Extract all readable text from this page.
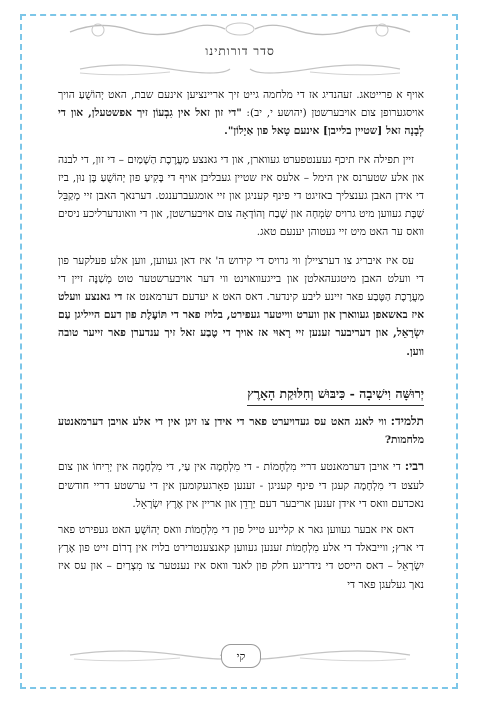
סדר דורותינו

אויף א פרייטאג. זעהנדיג אז די מלחמה גייט זיך אריינציען אינעם שבת, האט יְהוֹשֻׁעַ הויך אויסגערופן צום אויבערשטן (יהושע י, יב): "די זון זאל אין גִבְעוֹן זיך אפשטעלן, און די לְבָנָה זאל [שטיין בלייבן] אינעם טָאל פון אַיָלוֹן".

זיין תפילה איז תיכף געענטפערט געווארן, און די גאנצע מַעֲרֶכֶת הַשָׁמַיִם – די זון, די לבנה און אלע שטערנס אין הימל – אלעס איז שטיין געבליבן אויף די בֶּקִיעַ פון יְהוֹשֻׁעַ בֶּן נוּן, ביז די אידן האבן גענצליך באזיגט די פינף קעניגן און זיי אומגעברענגט. דערנאך האבן זיי מְקַבֵּל שַׁבָּת געווען מיט גרויס שִׂמְחָה און שֶׁבַח וְהוֹדָאָה צום אויבערשטן, און די וואונדערליכע ניסים וואס ער האט מיט זיי געטוהן יענעם טאג.

עס איז איבריג צו דערציילן ווי גרויס די קידוש ה' איז דאן געווען, ווען אלע פעלקער פון די וועלט האבן מיטגעהאלטן און בייגעוואוינט ווי דער אויבערשטער טוט מְשַׁנֶּה זיין די מַעֲרֶכֶת הַטֶּבַע פאר זיינע ליבע קינדער. דאס האט א יעדעם דערמאנט אז די גאנצע וועלט איז באשאפן געווארן און ווערט ווייטער געפירט, בלויז פאר די תּוֹעֶלֶת פון דעם הייליגן עַם יִשְׂרָאֵל, און דעריבער זענען זיי רָאוּי אז אויך די טֶבַע זאל זיך ענדערן פאר זייער טובה ווען.

יְרוּשָּׁה וִישִׁיבָה - כִּיבּוּשׁ וְחִלּוּקַת הָאָרֶץ

תלמיד:ווי לאנג האט עס געדויערט פאר די אידן צו זיגן אין די אלע אויבן דערמאנטע מלחמות?

רבי:די אויבן דערמאנטע דריי מִלְחָמוֹת - די מִלְחָמָה אין עַי, די מִלְחָמָה אין יְרִיחוֹ און צום לעצט די מִלְחָמָה קעגן די פינף קעניגן - זענען פאָרגעקומען אין די ערשטע דריי חודשים נאכדעם וואס די אידן זענען אריבער דעם יַרְדֵן און אריין אין אֶרֶץ יִשְׂרָאֵל.

דאס איז אבער געווען גאר א קליינע טייל פון די מִלְחָמוֹת וואס יְהוֹשֻׁעַ האט געפירט פאר די ארץ; ווייבאלד די אלע מִלְחָמוֹת זענען געווען קאנצענטרירט בלויז אין דָרוֹם זייט פון אֶרֶץ יִשְׂרָאֵל – דאס הייסט די נידריגע חלק פון לאנד וואס איז נענטער צו מִצְרַיִם – און עס איז נאך געלעגן פאר די

קי
